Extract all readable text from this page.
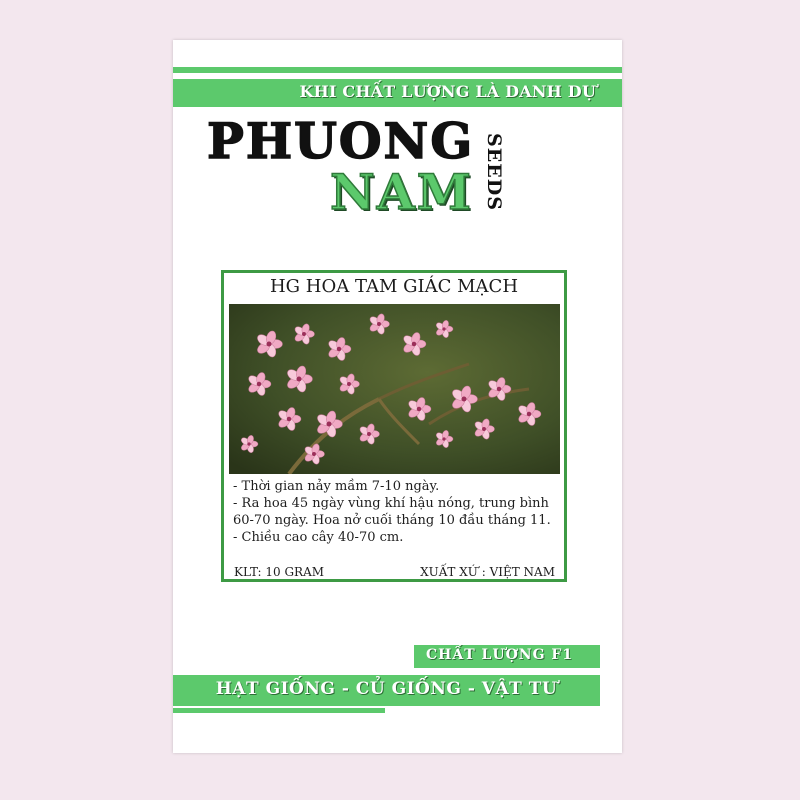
KHI CHẤT LƯỢNG LÀ DANH DỰ
PHUONG
NAM SEEDS
HG HOA TAM GIÁC MẠCH
- Thời gian nảy mầm 7-10 ngày.
- Ra hoa 45 ngày vùng khí hậu nóng, trung bình 60-70 ngày. Hoa nở cuối tháng 10 đầu tháng 11.
- Chiều cao cây 40-70 cm.
KLT: 10 GRAM	XUẤT XỨ : VIỆT NAM
CHẤT LƯỢNG F1
HẠT GIỐNG - CỦ GIỐNG - VẬT TƯ
